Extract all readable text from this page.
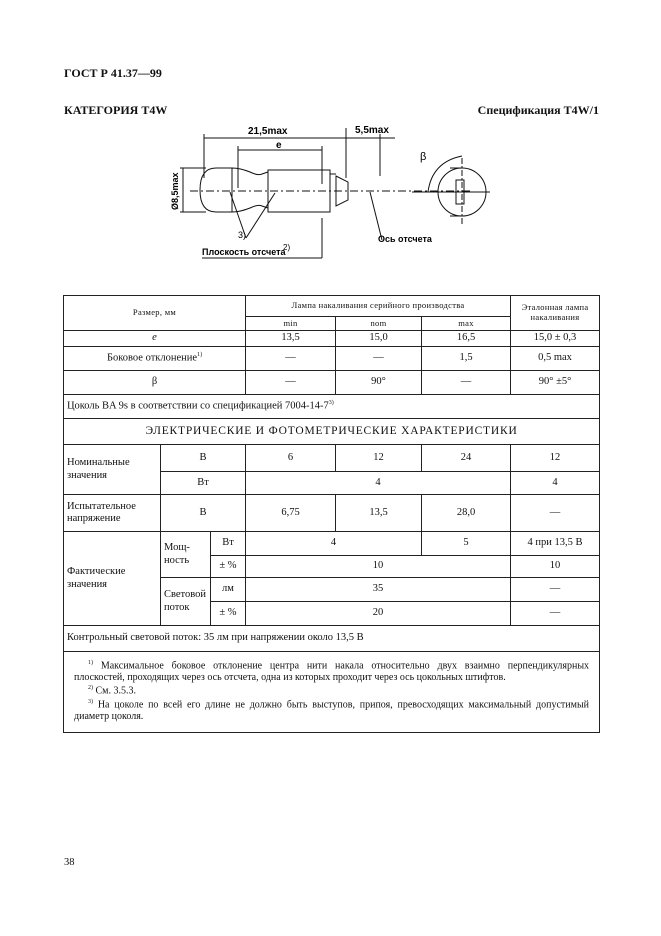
ГОСТ Р 41.37—99
КАТЕГОРИЯ T4W	Спецификация T4W/1
21,5max	5,5max
e
Ø8,5max
3)
Плоскость отсчета
2)
β
Ось отсчета
Размер, мм			Лампа накаливания серийного производства			Эталонная лампа накаливания
			min	nom	max	
e			13,5	15,0	16,5	15,0 ± 0,3
Боковое отклонение$^{1)}$			—	—	1,5	0,5 max
β			—	90°	—	90° ±5°
Цоколь BA 9s в соответствии со спецификацией 7004-14-7$^{3)}$
ЭЛЕКТРИЧЕСКИЕ И ФОТОМЕТРИЧЕСКИЕ ХАРАКТЕРИСТИКИ						
Номинальные значения	В		6	12	24	12
	Вт		4			4
Испытательное напряжение	В		6,75	13,5	28,0	—
Фактические значения	Мощ-ность	Вт	4		5	4 при 13,5 В
		± %	10			10
	Световой поток	лм	35			—
		± %	20			—
Контрольный световой поток: 35 лм при напряжении около 13,5 В						

$^{1)}$ Максимальное боковое отклонение центра нити накала относительно двух взаимно перпендикулярных плоскостей, проходящих через ось отсчета, одна из которых проходит через ось цокольных штифтов.

$^{2)}$ См. 3.5.3.

$^{3)}$ На цоколе по всей его длине не должно быть выступов, припоя, превосходящих максимальный допустимый диаметр цоколя.						

38
